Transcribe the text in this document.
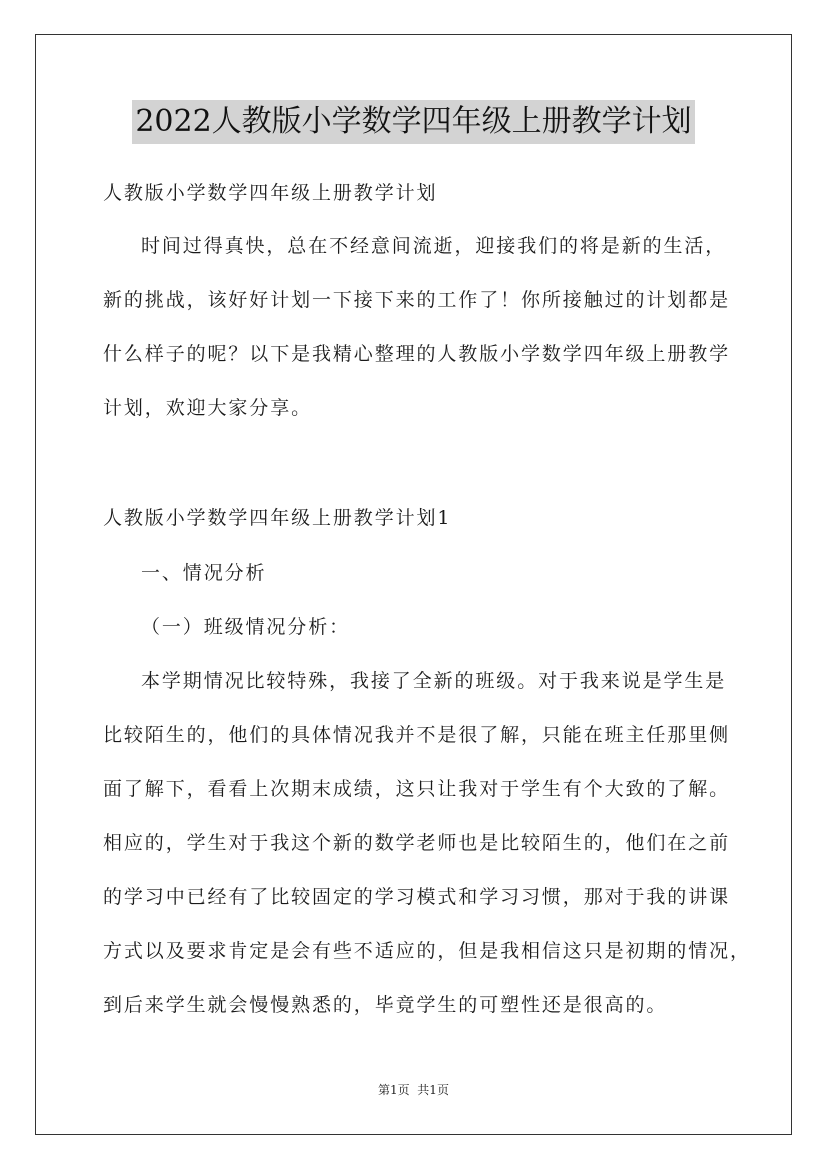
2022人教版小学数学四年级上册教学计划
人教版小学数学四年级上册教学计划
时间过得真快，总在不经意间流逝，迎接我们的将是新的生活，
新的挑战，该好好计划一下接下来的工作了！你所接触过的计划都是
什么样子的呢？以下是我精心整理的人教版小学数学四年级上册教学
计划，欢迎大家分享。
人教版小学数学四年级上册教学计划1
一、情况分析
（一）班级情况分析：
本学期情况比较特殊，我接了全新的班级。对于我来说是学生是
比较陌生的，他们的具体情况我并不是很了解，只能在班主任那里侧
面了解下，看看上次期末成绩，这只让我对于学生有个大致的了解。
相应的，学生对于我这个新的数学老师也是比较陌生的，他们在之前
的学习中已经有了比较固定的学习模式和学习习惯，那对于我的讲课
方式以及要求肯定是会有些不适应的，但是我相信这只是初期的情况，
到后来学生就会慢慢熟悉的，毕竟学生的可塑性还是很高的。
第1页  共1页
